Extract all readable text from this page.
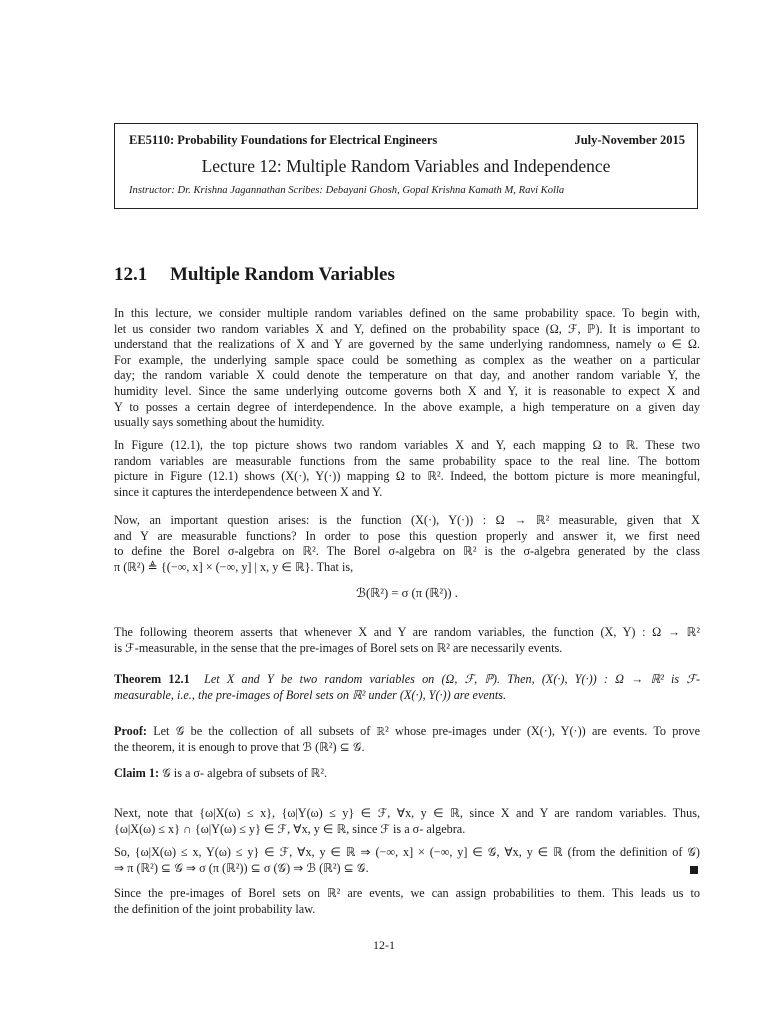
EE5110: Probability Foundations for Electrical Engineers	July-November 2015
Lecture 12: Multiple Random Variables and Independence
Instructor: Dr. Krishna Jagannathan Scribes: Debayani Ghosh, Gopal Krishna Kamath M, Ravi Kolla
12.1 Multiple Random Variables
In this lecture, we consider multiple random variables defined on the same probability space. To begin with,
let us consider two random variables X and Y, defined on the probability space (Ω, ℱ, ℙ). It is important to
understand that the realizations of X and Y are governed by the same underlying randomness, namely ω ∈ Ω.
For example, the underlying sample space could be something as complex as the weather on a particular
day; the random variable X could denote the temperature on that day, and another random variable Y, the
humidity level. Since the same underlying outcome governs both X and Y, it is reasonable to expect X and
Y to posses a certain degree of interdependence. In the above example, a high temperature on a given day
usually says something about the humidity.
In Figure (12.1), the top picture shows two random variables X and Y, each mapping Ω to ℝ. These two
random variables are measurable functions from the same probability space to the real line. The bottom
picture in Figure (12.1) shows (X(·), Y(·)) mapping Ω to ℝ². Indeed, the bottom picture is more meaningful,
since it captures the interdependence between X and Y.
Now, an important question arises: is the function (X(·), Y(·)) : Ω → ℝ² measurable, given that X
and Y are measurable functions? In order to pose this question properly and answer it, we first need
to define the Borel σ-algebra on ℝ². The Borel σ-algebra on ℝ² is the σ-algebra generated by the class
π (ℝ²) ≜ {(−∞, x] × (−∞, y] | x, y ∈ ℝ}. That is,
ℬ(ℝ²) = σ (π (ℝ²)) .
The following theorem asserts that whenever X and Y are random variables, the function (X, Y) : Ω → ℝ²
is ℱ-measurable, in the sense that the pre-images of Borel sets on ℝ² are necessarily events.
Theorem 12.1 Let X and Y be two random variables on (Ω, ℱ, ℙ). Then, (X(·), Y(·)) : Ω → ℝ² is ℱ-
measurable, i.e., the pre-images of Borel sets on ℝ² under (X(·), Y(·)) are events.
Proof: Let 𝒢 be the collection of all subsets of ℝ² whose pre-images under (X(·), Y(·)) are events. To prove
the theorem, it is enough to prove that ℬ (ℝ²) ⊆ 𝒢.
Claim 1: 𝒢 is a σ- algebra of subsets of ℝ².
Next, note that {ω|X(ω) ≤ x}, {ω|Y(ω) ≤ y} ∈ ℱ, ∀x, y ∈ ℝ, since X and Y are random variables. Thus,
{ω|X(ω) ≤ x} ∩ {ω|Y(ω) ≤ y} ∈ ℱ, ∀x, y ∈ ℝ, since ℱ is a σ- algebra.
So, {ω|X(ω) ≤ x, Y(ω) ≤ y} ∈ ℱ, ∀x, y ∈ ℝ ⇒ (−∞, x] × (−∞, y] ∈ 𝒢, ∀x, y ∈ ℝ (from the definition of 𝒢)
⇒ π (ℝ²) ⊆ 𝒢 ⇒ σ (π (ℝ²)) ⊆ σ (𝒢) ⇒ ℬ (ℝ²) ⊆ 𝒢.
Since the pre-images of Borel sets on ℝ² are events, we can assign probabilities to them. This leads us to
the definition of the joint probability law.
12-1
